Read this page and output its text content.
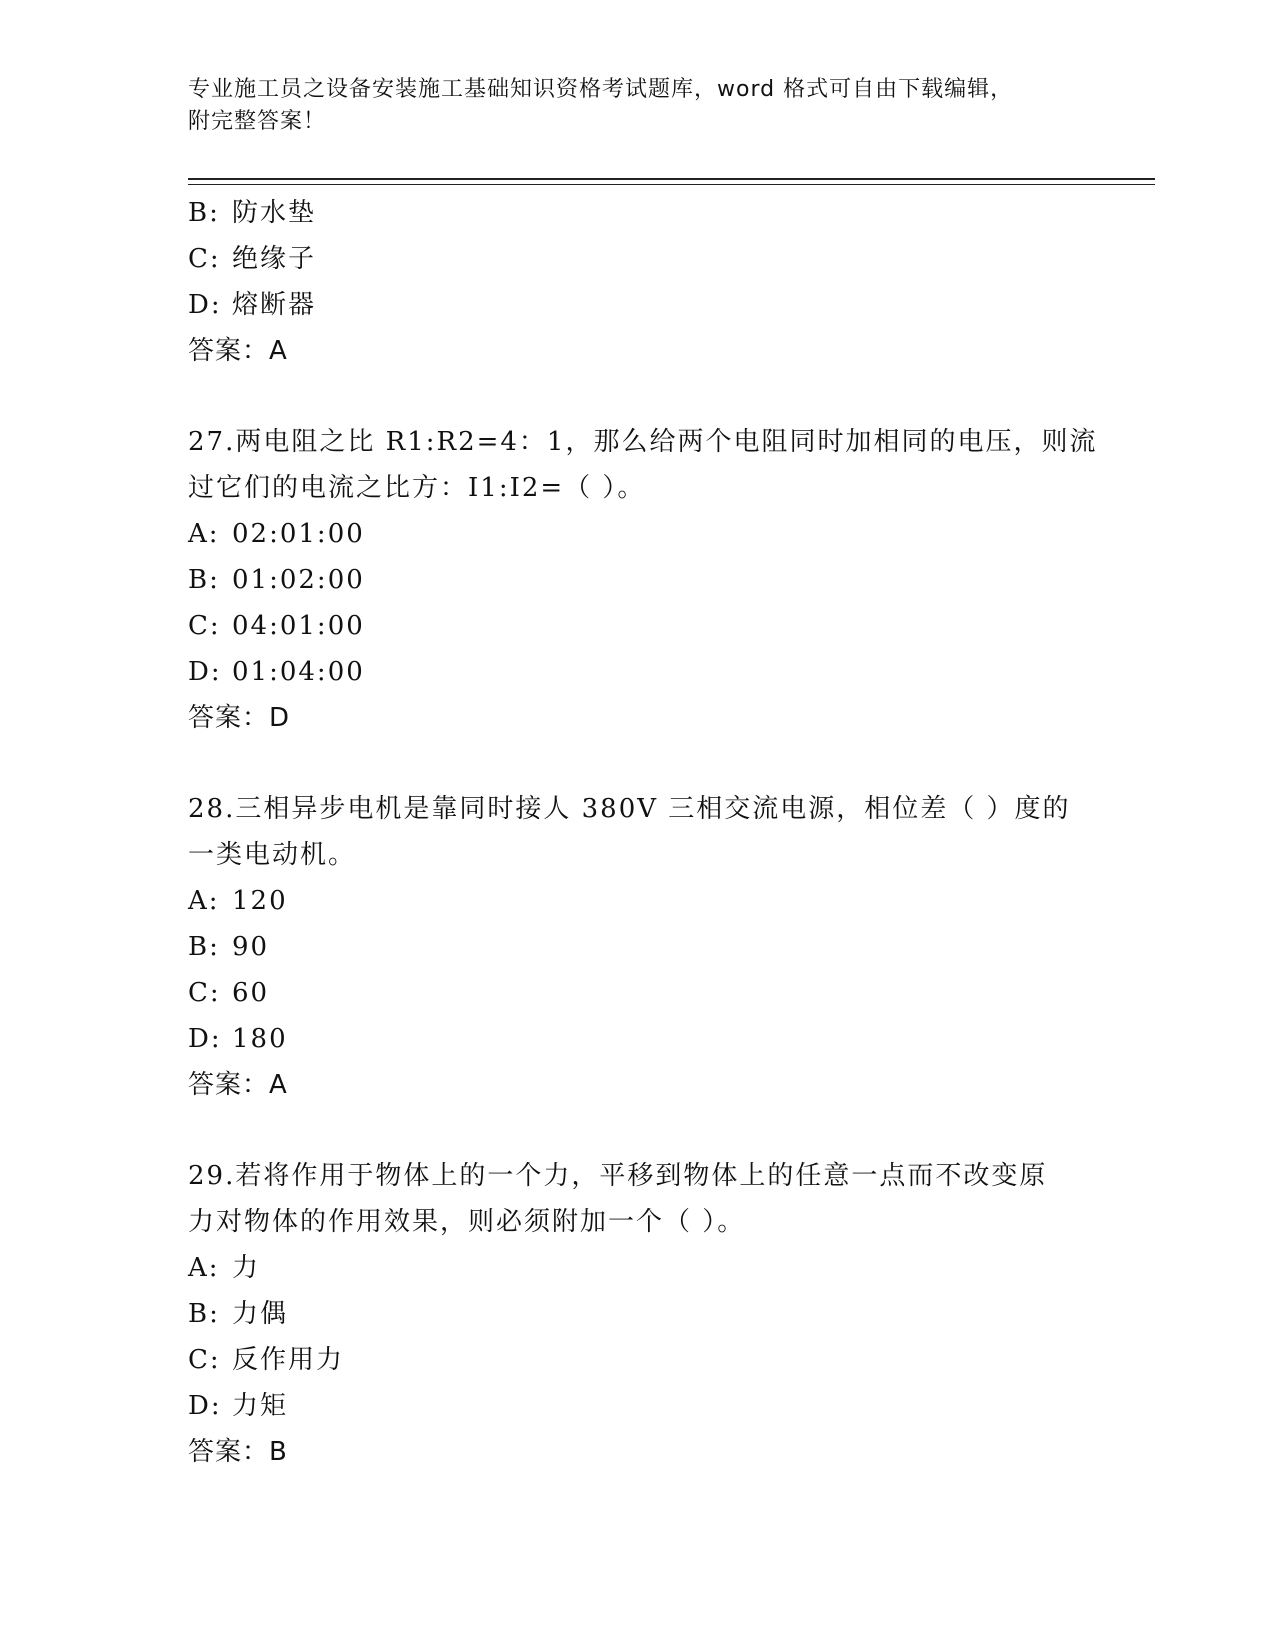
专业施工员之设备安装施工基础知识资格考试题库，word 格式可自由下载编辑，
附完整答案！
B: 防水垫
C: 绝缘子
D: 熔断器
答案：A
27.两电阻之比 R1:R2=4：1，那么给两个电阻同时加相同的电压，则流
过它们的电流之比方：I1:I2=（ ）。
A: 02:01:00
B: 01:02:00
C: 04:01:00
D: 01:04:00
答案：D
28.三相异步电机是靠同时接人 380V 三相交流电源，相位差（ ）度的
一类电动机。
A: 120
B: 90
C: 60
D: 180
答案：A
29.若将作用于物体上的一个力，平移到物体上的任意一点而不改变原
力对物体的作用效果，则必须附加一个（ ）。
A: 力
B: 力偶
C: 反作用力
D: 力矩
答案：B
